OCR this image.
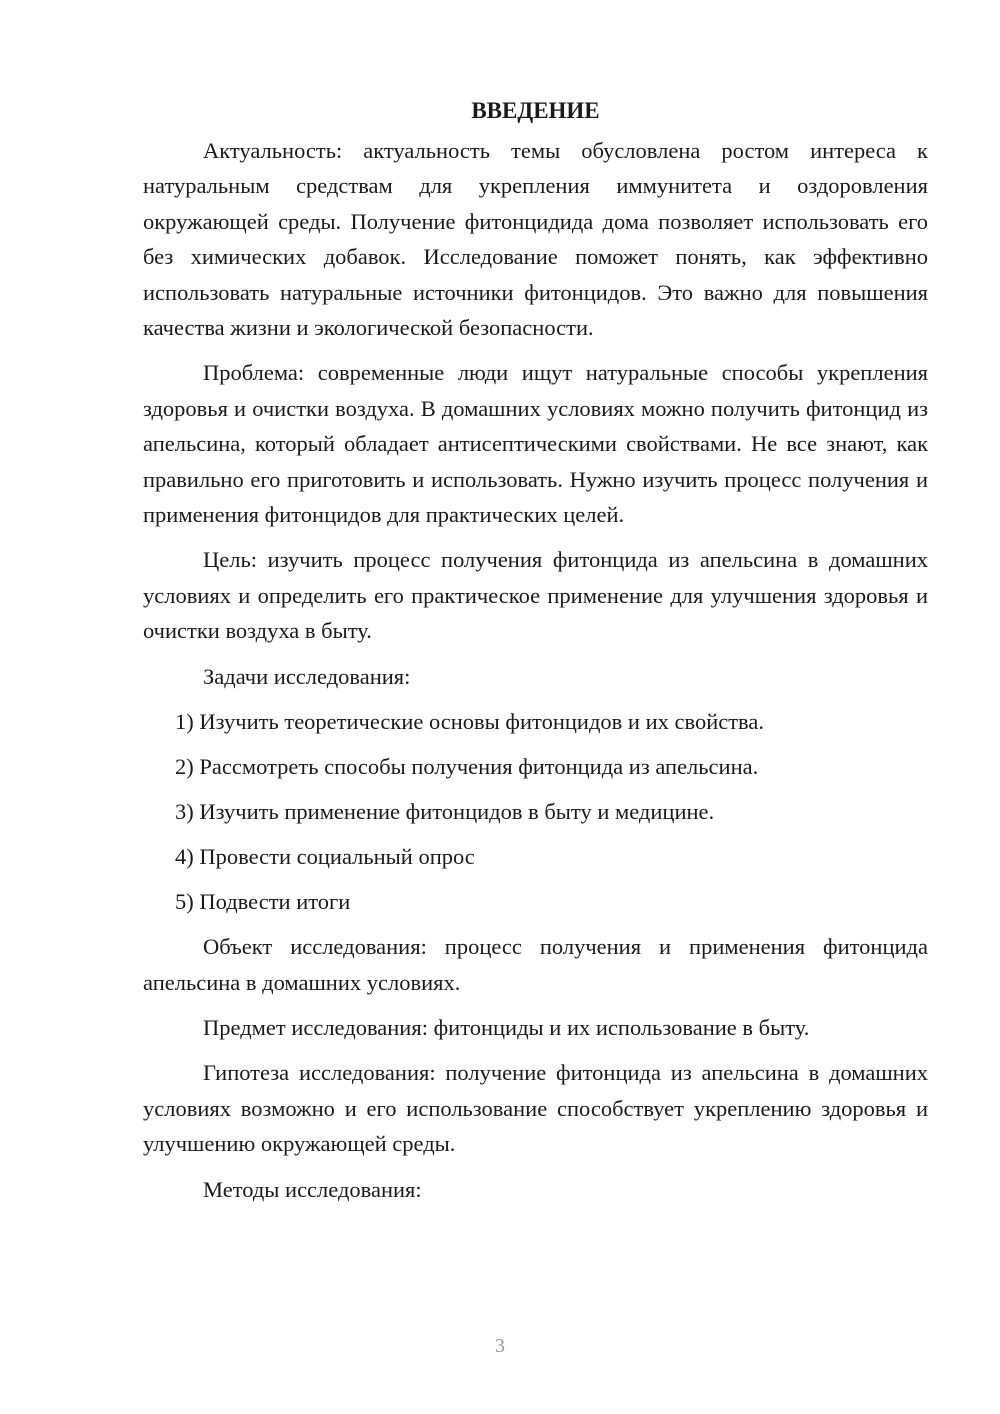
ВВЕДЕНИЕ

Актуальность: актуальность темы обусловлена ростом интереса к натуральным средствам для укрепления иммунитета и оздоровления окружающей среды. Получение фитонцидида дома позволяет использовать его без химических добавок. Исследование поможет понять, как эффективно использовать натуральные источники фитонцидов. Это важно для повышения качества жизни и экологической безопасности.

Проблема: современные люди ищут натуральные способы укрепления здоровья и очистки воздуха. В домашних условиях можно получить фитонцид из апельсина, который обладает антисептическими свойствами. Не все знают, как правильно его приготовить и использовать. Нужно изучить процесс получения и применения фитонцидов для практических целей.

Цель: изучить процесс получения фитонцида из апельсина в домашних условиях и определить его практическое применение для улучшения здоровья и очистки воздуха в быту.

Задачи исследования:

1) Изучить теоретические основы фитонцидов и их свойства.
2) Рассмотреть способы получения фитонцида из апельсина.
3) Изучить применение фитонцидов в быту и медицине.
4) Провести социальный опрос
5) Подвести итоги

Объект исследования: процесс получения и применения фитонцида апельсина в домашних условиях.

Предмет исследования: фитонциды и их использование в быту.

Гипотеза исследования: получение фитонцида из апельсина в домашних условиях возможно и его использование способствует укреплению здоровья и улучшению окружающей среды.

Методы исследования:

3
